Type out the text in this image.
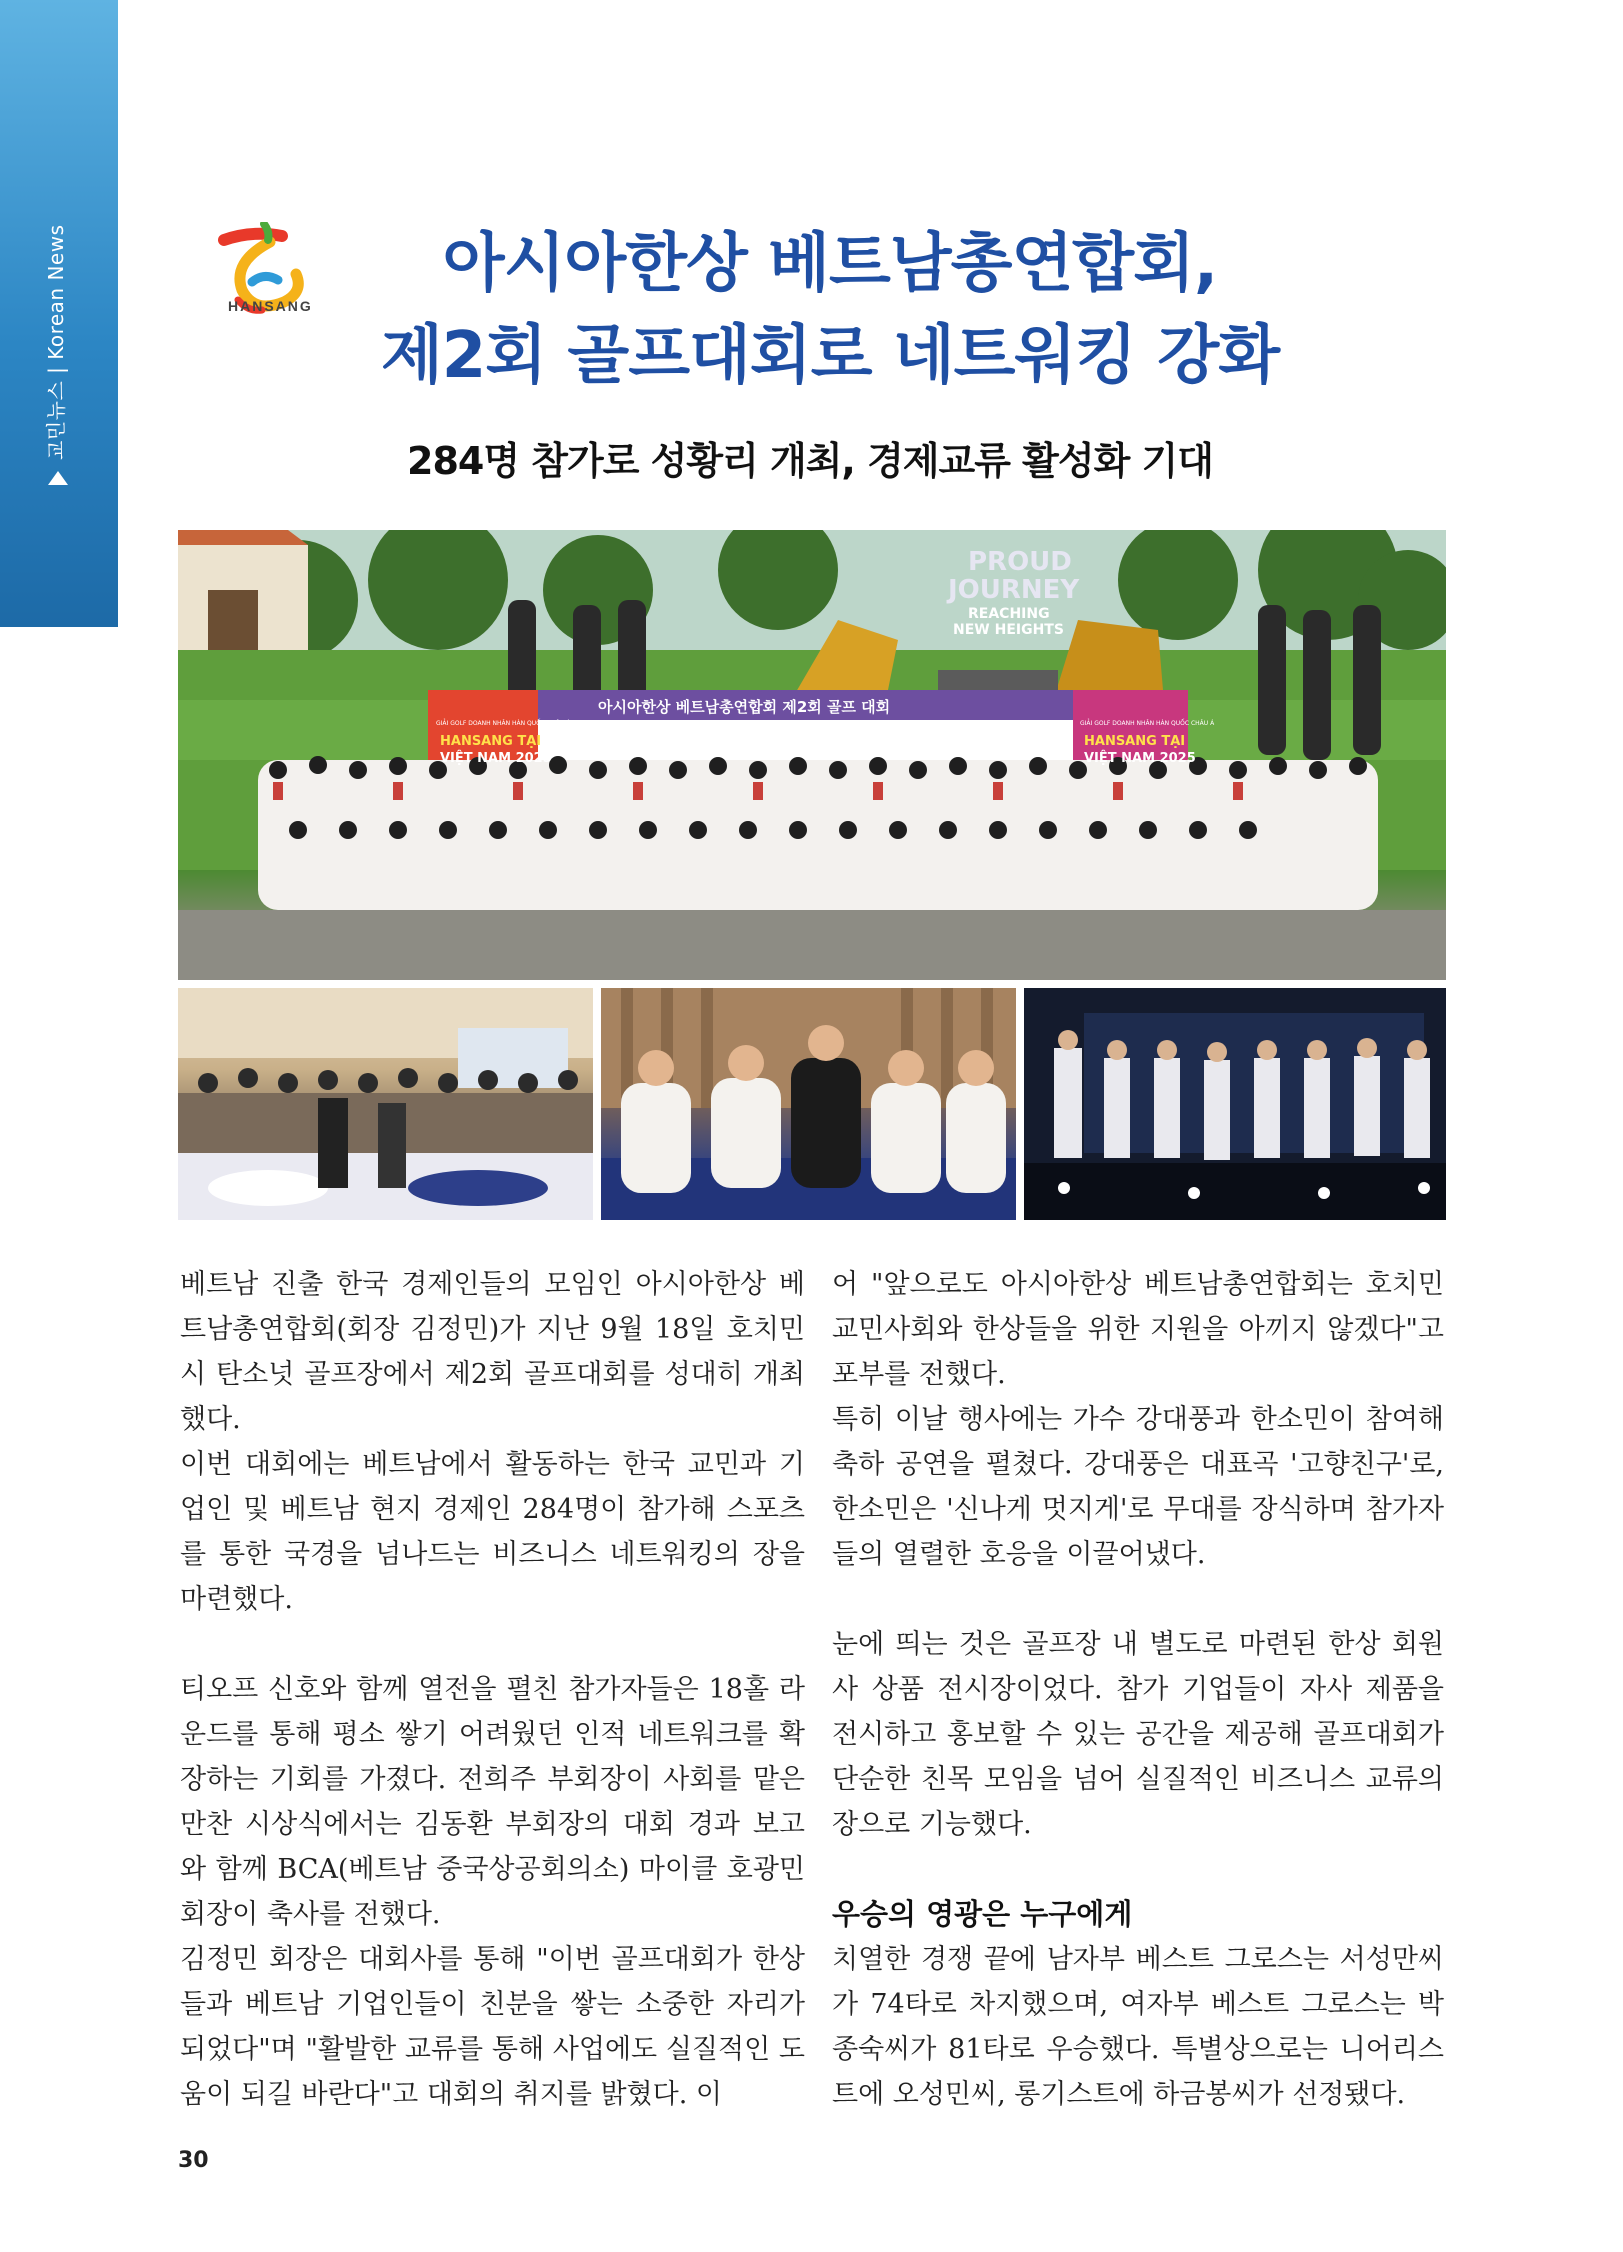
교민뉴스 | Korean News	HANSANG
아시아한상 베트남총연합회,
제2회 골프대회로 네트워킹 강화
284명 참가로 성황리 개최, 경제교류 활성화 기대
PROUD
JOURNEY
REACHING
NEW HEIGHTS
아시아한상 베트남총연합회 제2회 골프 대회
GIẢI GOLF DOANH NHÂN HÀN QUỐC CHÂU Á
HANSANG TẠI
VIỆT NAM 2025
GIẢI GOLF DOANH NHÂN HÀN QUỐC CHÂU Á
HANSANG TẠI
VIỆT NAM 2025

베트남 진출 한국 경제인들의 모임인 아시아한상 베트남총연합회(회장 김정민)가 지난 9월 18일 호치민시 탄소넛 골프장에서 제2회 골프대회를 성대히 개최했다.

이번 대회에는 베트남에서 활동하는 한국 교민과 기업인 및 베트남 현지 경제인 284명이 참가해 스포츠를 통한 국경을 넘나드는 비즈니스 네트워킹의 장을 마련했다.

티오프 신호와 함께 열전을 펼친 참가자들은 18홀 라운드를 통해 평소 쌓기 어려웠던 인적 네트워크를 확장하는 기회를 가졌다. 전희주 부회장이 사회를 맡은 만찬 시상식에서는 김동환 부회장의 대회 경과 보고와 함께 BCA(베트남 중국상공회의소) 마이클 호광민 회장이 축사를 전했다.

김정민 회장은 대회사를 통해 "이번 골프대회가 한상들과 베트남 기업인들이 친분을 쌓는 소중한 자리가 되었다"며 "활발한 교류를 통해 사업에도 실질적인 도움이 되길 바란다"고 대회의 취지를 밝혔다. 이

어 "앞으로도 아시아한상 베트남총연합회는 호치민 교민사회와 한상들을 위한 지원을 아끼지 않겠다"고 포부를 전했다.

특히 이날 행사에는 가수 강대풍과 한소민이 참여해 축하 공연을 펼쳤다. 강대풍은 대표곡 '고향친구'로, 한소민은 '신나게 멋지게'로 무대를 장식하며 참가자들의 열렬한 호응을 이끌어냈다.

눈에 띄는 것은 골프장 내 별도로 마련된 한상 회원사 상품 전시장이었다. 참가 기업들이 자사 제품을 전시하고 홍보할 수 있는 공간을 제공해 골프대회가 단순한 친목 모임을 넘어 실질적인 비즈니스 교류의 장으로 기능했다.

우승의 영광은 누구에게

치열한 경쟁 끝에 남자부 베스트 그로스는 서성만씨가 74타로 차지했으며, 여자부 베스트 그로스는 박종숙씨가 81타로 우승했다. 특별상으로는 니어리스트에 오성민씨, 롱기스트에 하금봉씨가 선정됐다.

30
